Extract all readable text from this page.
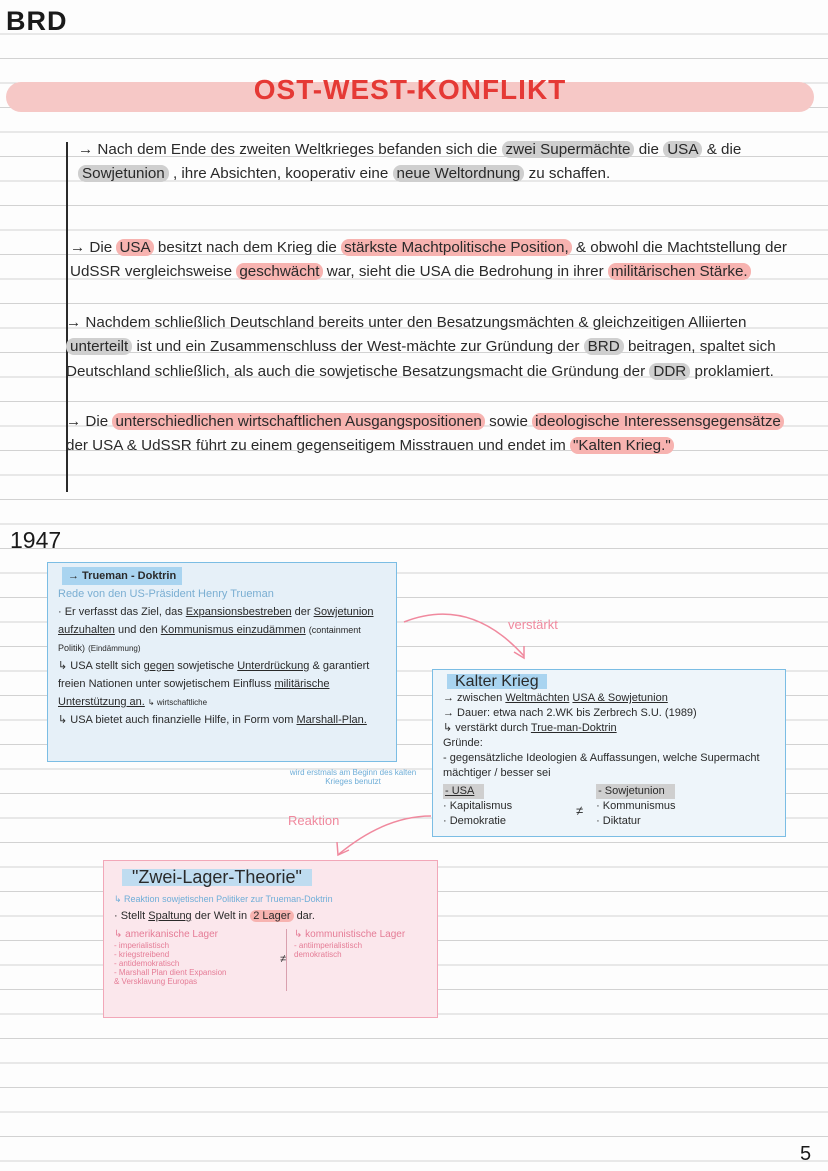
BRD
OST-WEST-KONFLIKT
→ Nach dem Ende des zweiten Weltkrieges befanden sich die zwei Supermächte die USA & die Sowjetunion , ihre Absichten, kooperativ eine neue Weltordnung zu schaffen.
→ Die USA besitzt nach dem Krieg die stärkste Machtpolitische Position, & obwohl die Machtstellung der UdSSR vergleichsweise geschwächt war, sieht die USA die Bedrohung in ihrer militärischen Stärke.
→ Nachdem schließlich Deutschland bereits unter den Besatzungsmächten & gleichzeitigen Alliierten unterteilt ist und ein Zusammenschluss der West-mächte zur Gründung der BRD beitragen, spaltet sich Deutschland schließlich, als auch die sowjetische Besatzungsmacht die Gründung der DDR proklamiert.
→ Die unterschiedlichen wirtschaftlichen Ausgangspositionen sowie ideologische Interessensgegensätze der USA & UdSSR führt zu einem gegenseitigem Misstrauen und endet im "Kalten Krieg."
1947
→ Trueman - Doktrin
Rede von den US-Präsident Henry Trueman
· Er verfasst das Ziel, das Expansionsbestreben der Sowjetunion aufzuhalten und den Kommunismus einzudämmen (containment Politik) (Eindämmung)
↳ USA stellt sich gegen sowjetische Unterdrückung & garantiert freien Nationen unter sowjetischem Einfluss militärische Unterstützung an. ↳ wirtschaftliche
↳ USA bietet auch finanzielle Hilfe, in Form vom Marshall-Plan.
verstärkt
wird erstmals am Beginn des kalten Krieges benutzt
Kalter Krieg
→ zwischen Weltmächten USA & Sowjetunion
→ Dauer: etwa nach 2.WK bis Zerbrech S.U. (1989)
↳ verstärkt durch True-man-Doktrin
Gründe:
- gegensätzliche Ideologien & Auffassungen, welche Supermacht mächtiger / besser sei
- USA
· Kapitalismus
· Demokratie
- Sowjetunion
· Kommunismus
· Diktatur
≠
Reaktion
"Zwei-Lager-Theorie"
↳ Reaktion sowjetischen Politiker zur Trueman-Doktrin
· Stellt Spaltung der Welt in 2 Lager dar.
↳ amerikanische Lager
- imperialistisch
- kriegstreibend
- antidemokratisch
- Marshall Plan dient Expansion
& Versklavung Europas
≠
↳ kommunistische Lager
- antiimperialistisch
demokratisch
5
